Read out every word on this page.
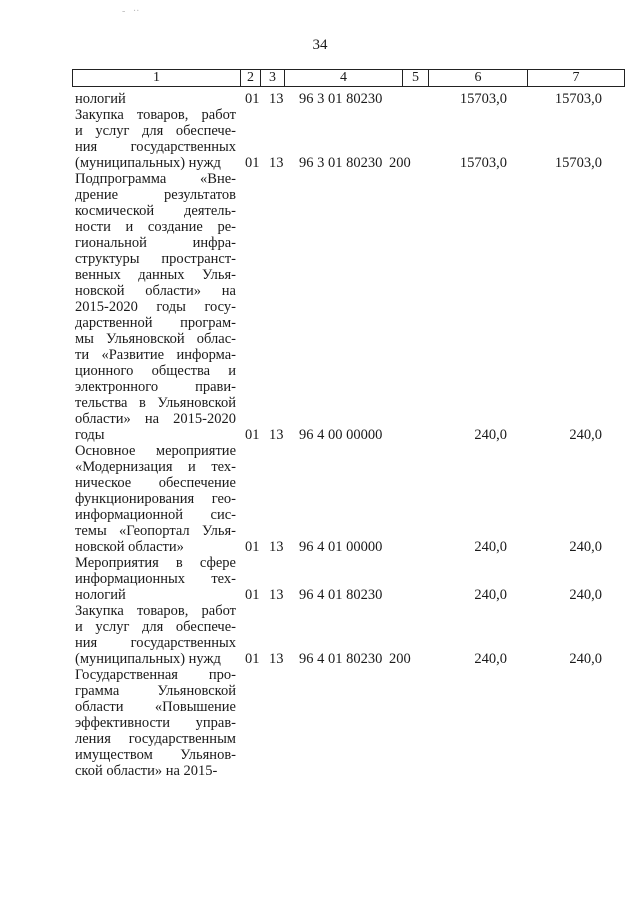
34
1	2	3	4	5	6	7
нологий	01 13 96 3 01 80230	15703,0	15703,0
Закупка товаров, работ
и услуг для обеспече-
ния государственных
(муниципальных) нужд	01 13 96 3 01 80230 200	15703,0	15703,0
Подпрограмма «Вне-
дрение результатов
космической деятель-
ности и создание ре-
гиональной инфра-
структуры пространст-
венных данных Улья-
новской области» на
2015-2020 годы госу-
дарственной програм-
мы Ульяновской облас-
ти «Развитие информа-
ционного общества и
электронного прави-
тельства в Ульяновской
области» на 2015-2020
годы	01 13 96 4 00 00000	240,0	240,0
Основное мероприятие
«Модернизация и тех-
ническое обеспечение
функционирования гео-
информационной сис-
темы «Геопортал Улья-
новской области»	01 13 96 4 01 00000	240,0	240,0
Мероприятия в сфере
информационных тех-
нологий	01 13 96 4 01 80230	240,0	240,0
Закупка товаров, работ
и услуг для обеспече-
ния государственных
(муниципальных) нужд	01 13 96 4 01 80230 200	240,0	240,0
Государственная про-
грамма Ульяновской
области «Повышение
эффективности управ-
ления государственным
имуществом Ульянов-
ской области» на 2015-
-   ··
